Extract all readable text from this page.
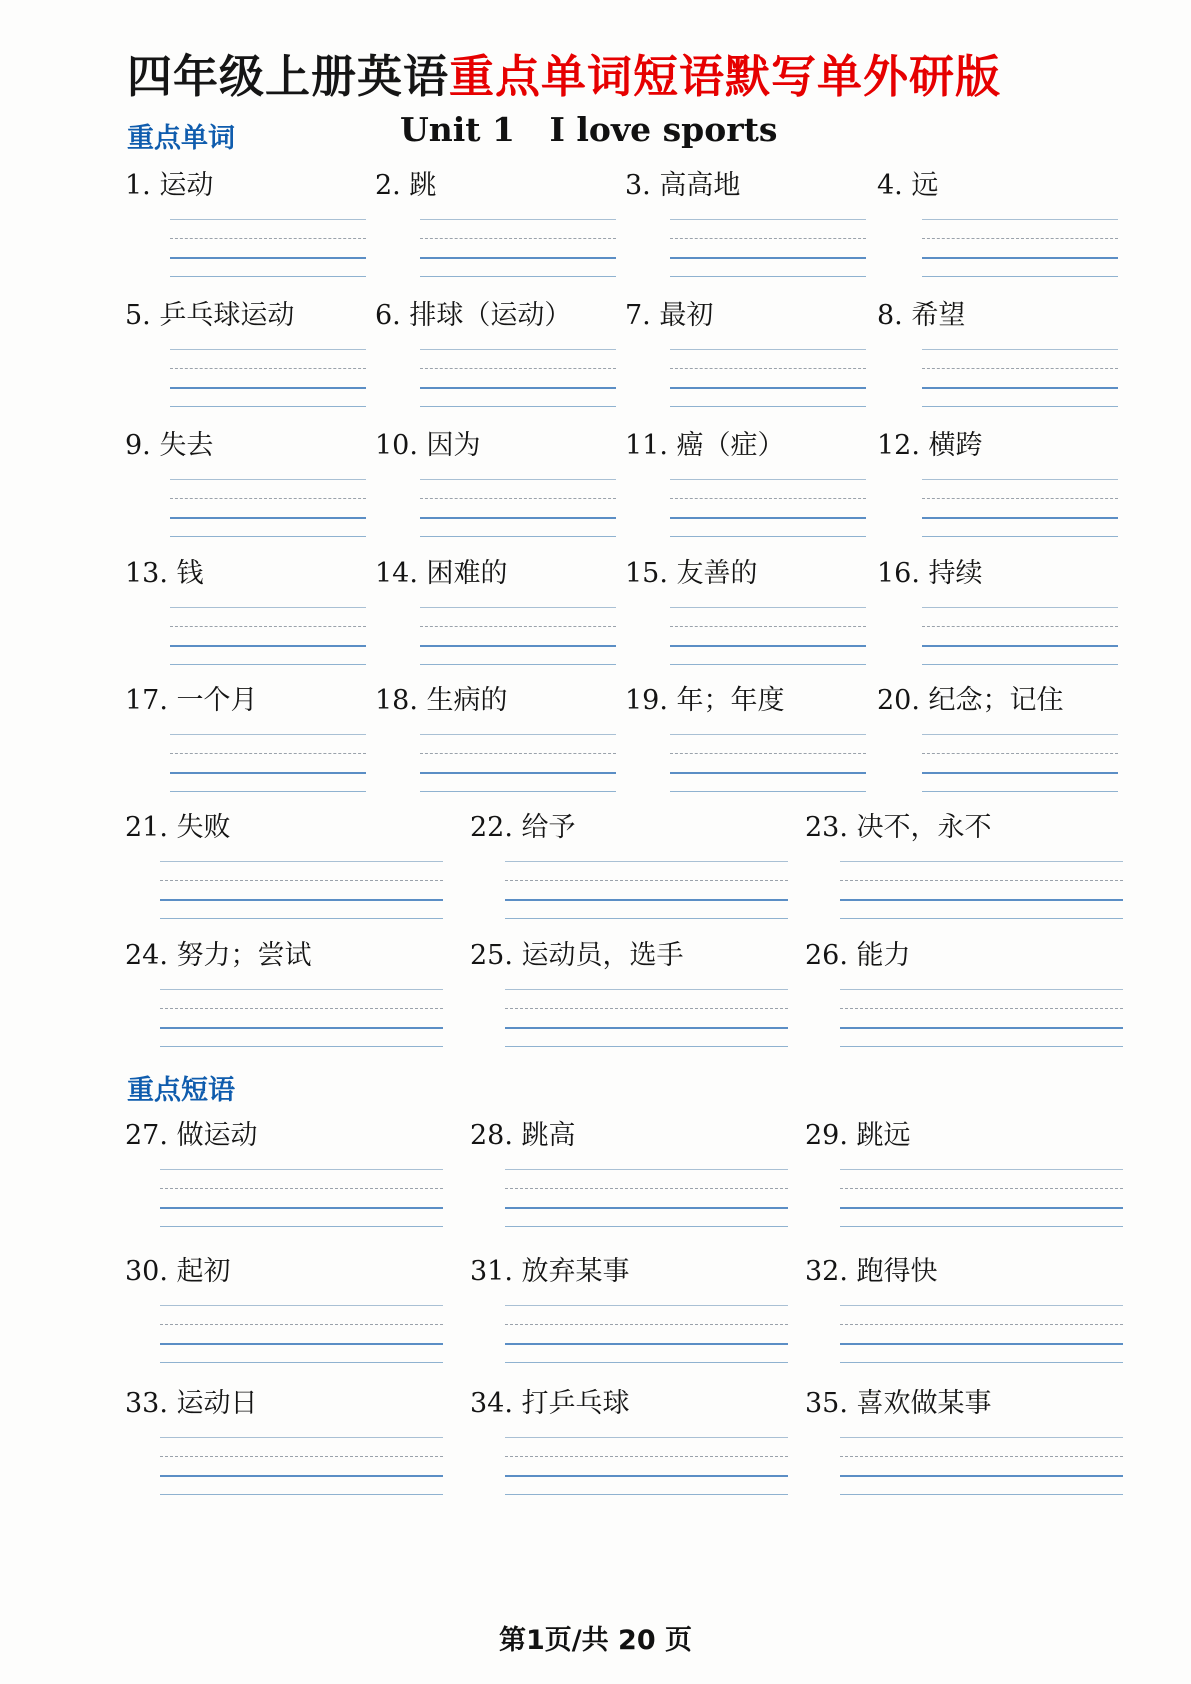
四年级上册英语重点单词短语默写单外研版
重点单词	Unit 1   I love sports
1. 运动	2. 跳	3. 高高地	4. 远
5. 乒乓球运动	6. 排球（运动）	7. 最初	8. 希望
9. 失去	10. 因为	11. 癌（症）	12. 横跨
13. 钱	14. 困难的	15. 友善的	16. 持续
17. 一个月	18. 生病的	19. 年；年度	20. 纪念；记住
21. 失败	22. 给予	23. 决不，永不
24. 努力；尝试	25. 运动员，选手	26. 能力
重点短语
27. 做运动	28. 跳高	29. 跳远
30. 起初	31. 放弃某事	32. 跑得快
33. 运动日	34. 打乒乓球	35. 喜欢做某事
第1页/共 20 页
